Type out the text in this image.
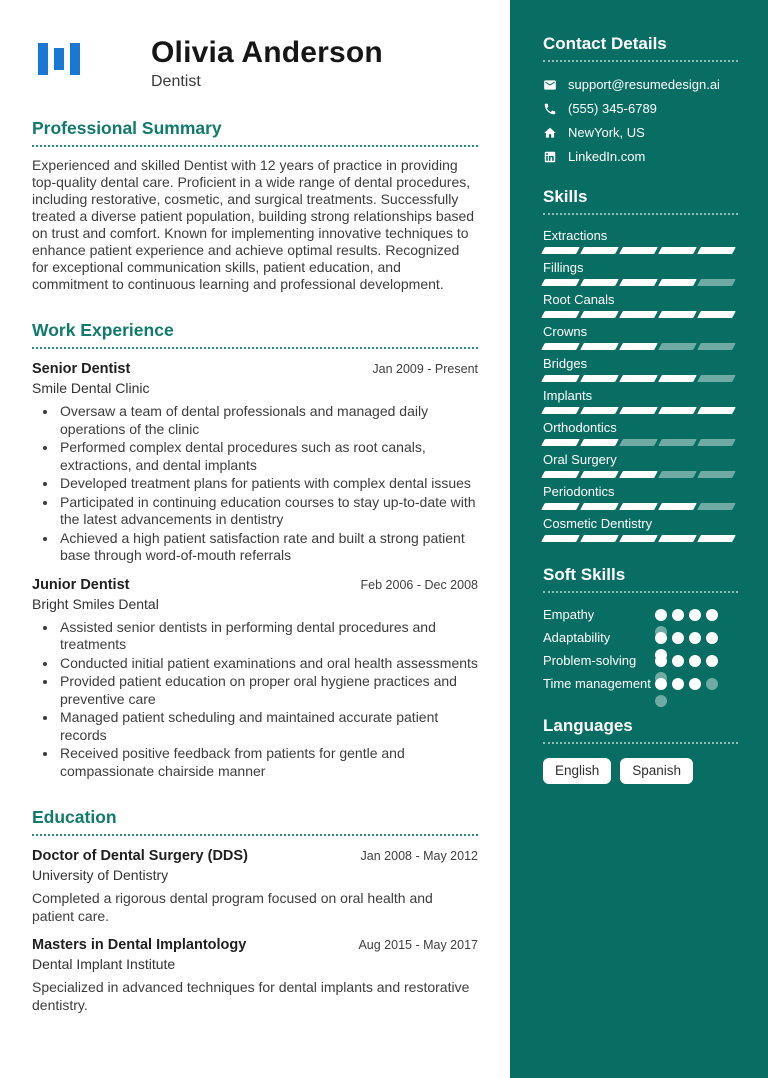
Olivia Anderson
Dentist
Professional Summary

Experienced and skilled Dentist with 12 years of practice in providing top-quality dental care. Proficient in a wide range of dental procedures, including restorative, cosmetic, and surgical treatments. Successfully treated a diverse patient population, building strong relationships based on trust and comfort. Known for implementing innovative techniques to enhance patient experience and achieve optimal results. Recognized for exceptional communication skills, patient education, and commitment to continuous learning and professional development.

Work Experience
Senior Dentist	Jan 2009 - Present
Smile Dental Clinic
• Oversaw a team of dental professionals and managed daily operations of the clinic
• Performed complex dental procedures such as root canals, extractions, and dental implants
• Developed treatment plans for patients with complex dental issues
• Participated in continuing education courses to stay up-to-date with the latest advancements in dentistry
• Achieved a high patient satisfaction rate and built a strong patient base through word-of-mouth referrals
Junior Dentist	Feb 2006 - Dec 2008
Bright Smiles Dental
• Assisted senior dentists in performing dental procedures and treatments
• Conducted initial patient examinations and oral health assessments
• Provided patient education on proper oral hygiene practices and preventive care
• Managed patient scheduling and maintained accurate patient records
• Received positive feedback from patients for gentle and compassionate chairside manner
Education
Doctor of Dental Surgery (DDS)	Jan 2008 - May 2012
University of Dentistry
Completed a rigorous dental program focused on oral health and patient care.
Masters in Dental Implantology	Aug 2015 - May 2017
Dental Implant Institute
Specialized in advanced techniques for dental implants and restorative dentistry.
Contact Details
support@resumedesign.ai
(555) 345-6789
NewYork, US
LinkedIn.com
Skills
Extractions
Fillings
Root Canals
Crowns
Bridges
Implants
Orthodontics
Oral Surgery
Periodontics
Cosmetic Dentistry
Soft Skills
Empathy
Adaptability
Problem-solving
Time management
Languages
English	Spanish
